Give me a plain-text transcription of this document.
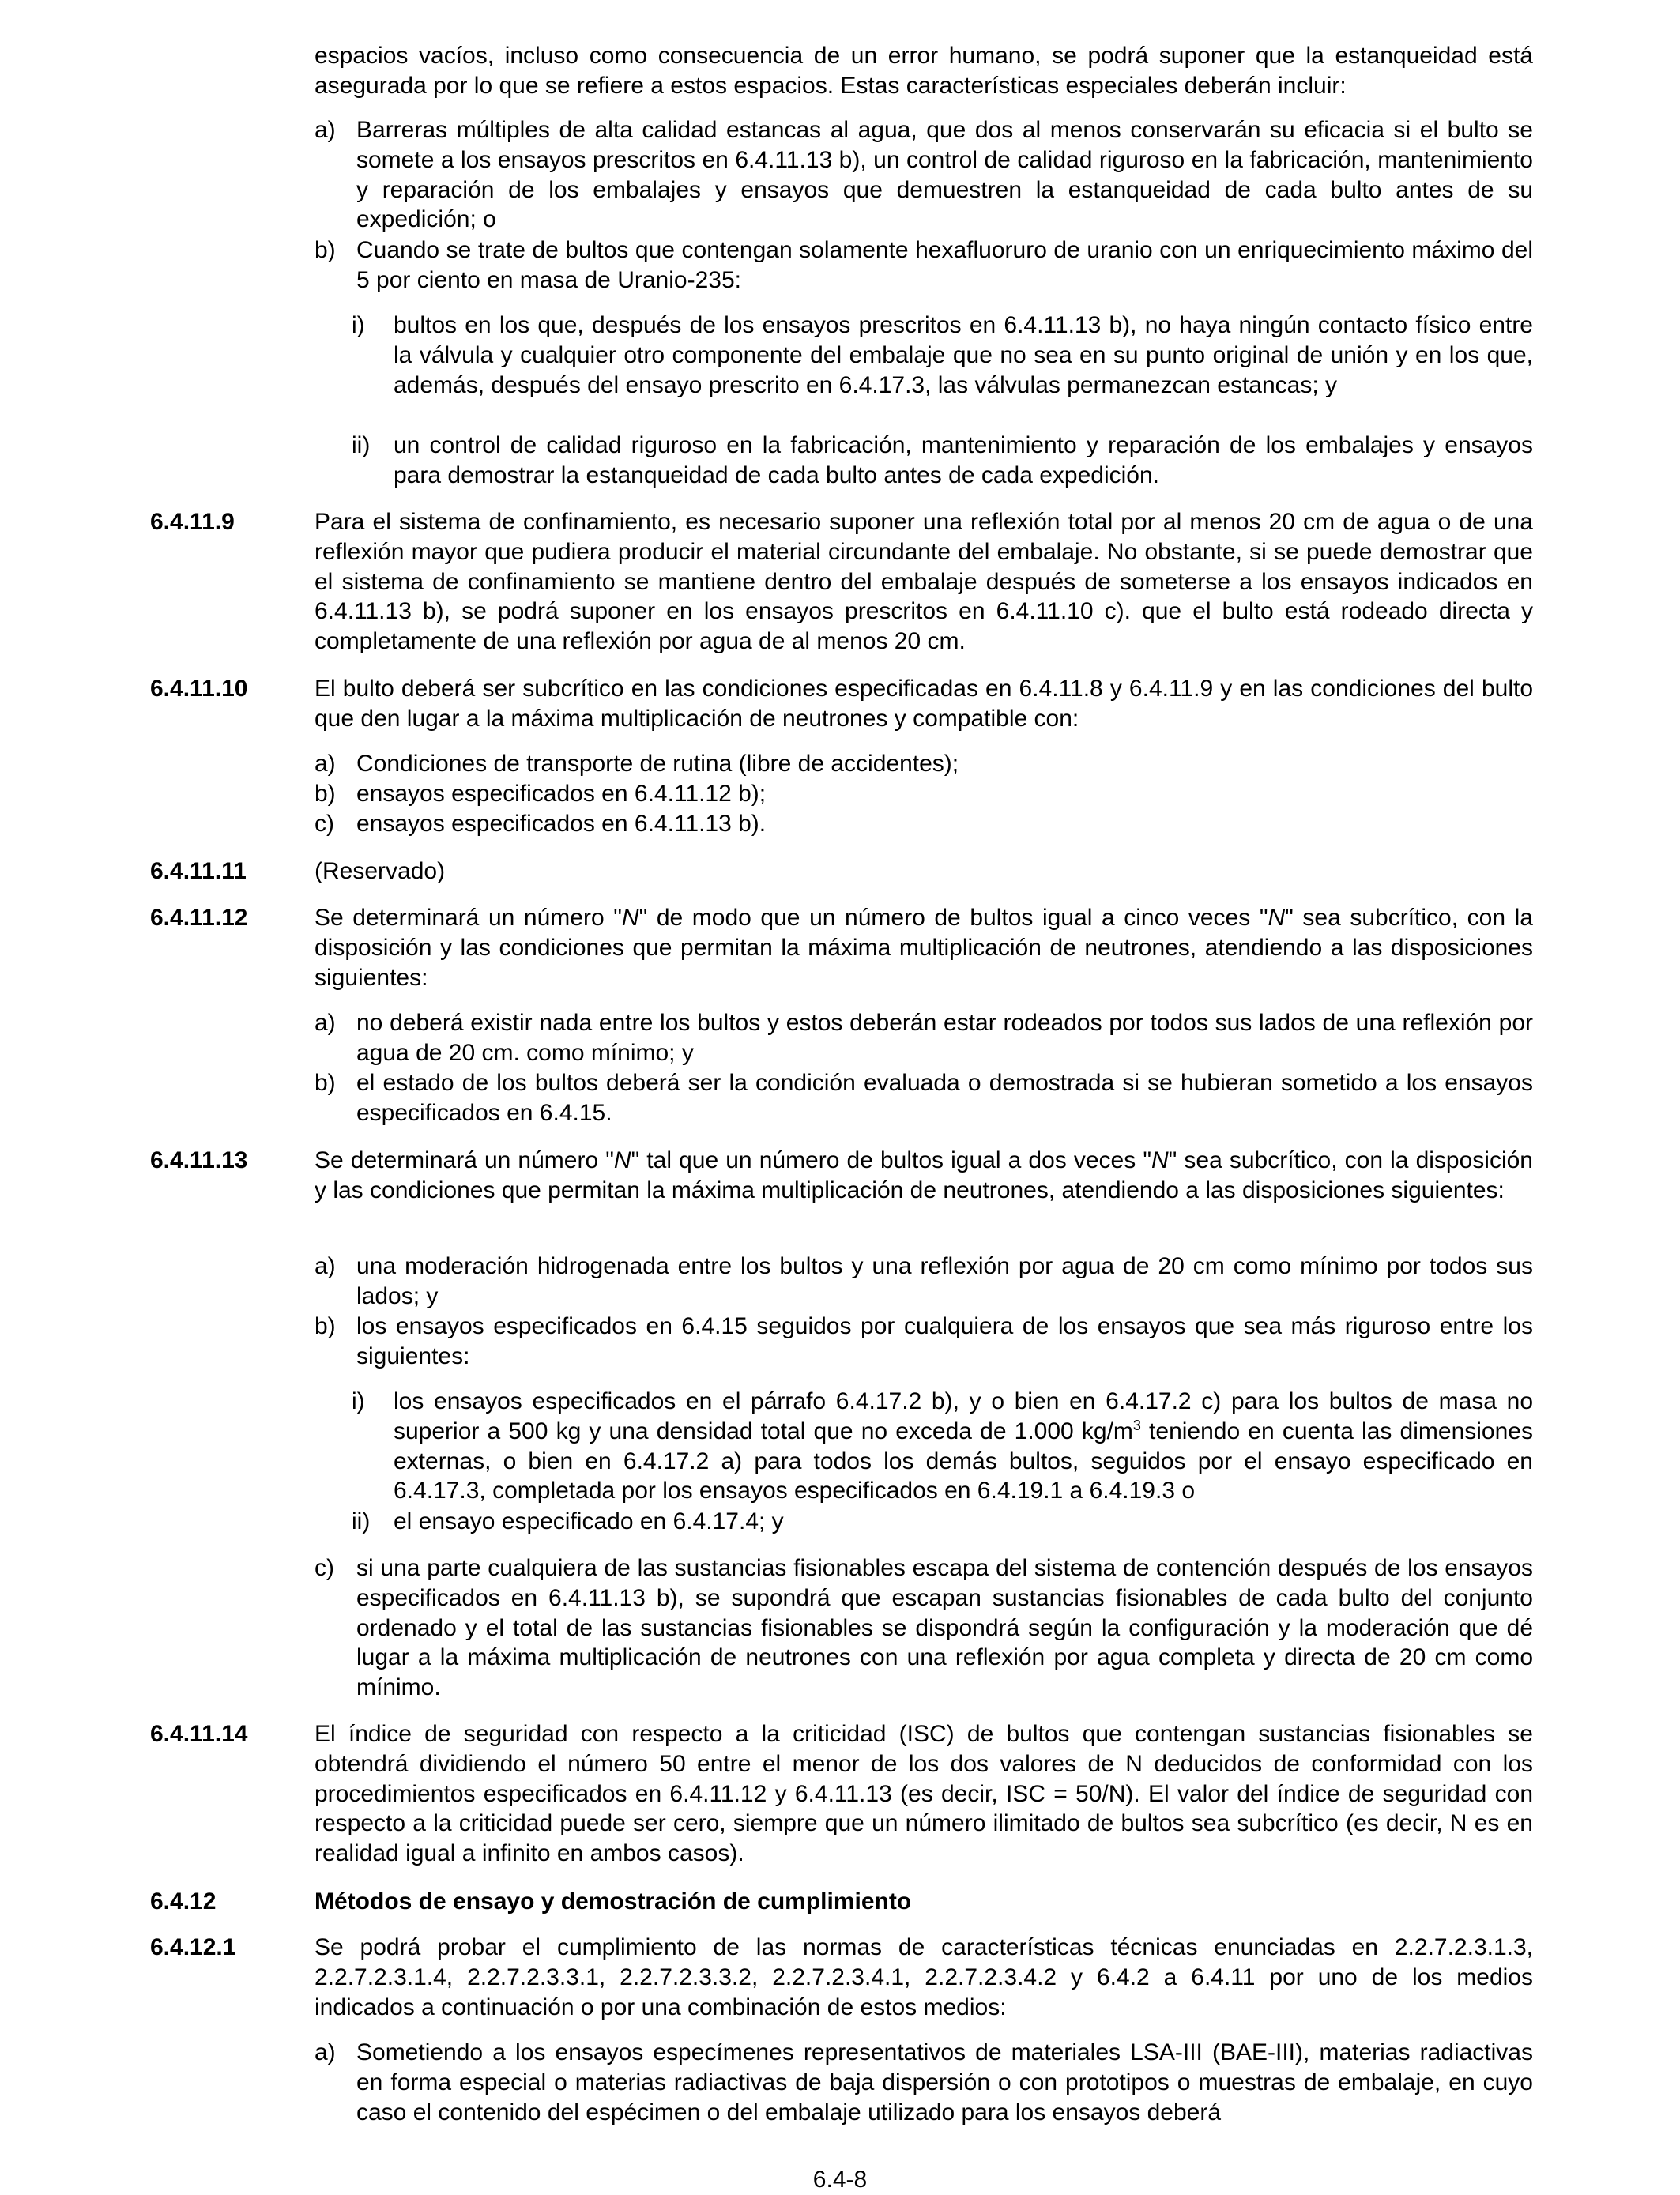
espacios vacíos, incluso como consecuencia de un error humano, se podrá suponer que la estanqueidad está asegurada por lo que se refiere a estos espacios. Estas características especiales deberán incluir:

a) Barreras múltiples de alta calidad estancas al agua, que dos al menos conservarán su eficacia si el bulto se somete a los ensayos prescritos en 6.4.11.13 b), un control de calidad riguroso en la fabricación, mantenimiento y reparación de los embalajes y ensayos que demuestren la estanqueidad de cada bulto antes de su expedición; o

b) Cuando se trate de bultos que contengan solamente hexafluoruro de uranio con un enriquecimiento máximo del 5 por ciento en masa de Uranio-235:

i) bultos en los que, después de los ensayos prescritos en 6.4.11.13 b), no haya ningún contacto físico entre la válvula y cualquier otro componente del embalaje que no sea en su punto original de unión y en los que, además, después del ensayo prescrito en 6.4.17.3, las válvulas permanezcan estancas; y

ii) un control de calidad riguroso en la fabricación, mantenimiento y reparación de los embalajes y ensayos para demostrar la estanqueidad de cada bulto antes de cada expedición.

6.4.11.9	Para el sistema de confinamiento, es necesario suponer una reflexión total por al menos 20 cm de agua o de una reflexión mayor que pudiera producir el material circundante del embalaje. No obstante, si se puede demostrar que el sistema de confinamiento se mantiene dentro del embalaje después de someterse a los ensayos indicados en 6.4.11.13 b), se podrá suponer en los ensayos prescritos en 6.4.11.10 c). que el bulto está rodeado directa y completamente de una reflexión por agua de al menos 20 cm.

6.4.11.10	El bulto deberá ser subcrítico en las condiciones especificadas en 6.4.11.8 y 6.4.11.9 y en las condiciones del bulto que den lugar a la máxima multiplicación de neutrones y compatible con:

a) Condiciones de transporte de rutina (libre de accidentes);

b) ensayos especificados en 6.4.11.12 b);

c) ensayos especificados en 6.4.11.13 b).

6.4.11.11	(Reservado)

6.4.11.12	Se determinará un número "N" de modo que un número de bultos igual a cinco veces "N" sea subcrítico, con la disposición y las condiciones que permitan la máxima multiplicación de neutrones, atendiendo a las disposiciones siguientes:

a) no deberá existir nada entre los bultos y estos deberán estar rodeados por todos sus lados de una reflexión por agua de 20 cm. como mínimo; y

b) el estado de los bultos deberá ser la condición evaluada o demostrada si se hubieran sometido a los ensayos especificados en 6.4.15.

6.4.11.13	Se determinará un número "N" tal que un número de bultos igual a dos veces "N" sea subcrítico, con la disposición y las condiciones que permitan la máxima multiplicación de neutrones, atendiendo a las disposiciones siguientes:

a) una moderación hidrogenada entre los bultos y una reflexión por agua de 20 cm como mínimo por todos sus lados; y

b) los ensayos especificados en 6.4.15 seguidos por cualquiera de los ensayos que sea más riguroso entre los siguientes:

i) los ensayos especificados en el párrafo 6.4.17.2 b), y o bien en 6.4.17.2 c) para los bultos de masa no superior a 500 kg y una densidad total que no exceda de 1.000 $kg/m^3$ teniendo en cuenta las dimensiones externas, o bien en 6.4.17.2 a) para todos los demás bultos, seguidos por el ensayo especificado en 6.4.17.3, completada por los ensayos especificados en 6.4.19.1 a 6.4.19.3 o

ii) el ensayo especificado en 6.4.17.4; y

c) si una parte cualquiera de las sustancias fisionables escapa del sistema de contención después de los ensayos especificados en 6.4.11.13 b), se supondrá que escapan sustancias fisionables de cada bulto del conjunto ordenado y el total de las sustancias fisionables se dispondrá según la configuración y la moderación que dé lugar a la máxima multiplicación de neutrones con una reflexión por agua completa y directa de 20 cm como mínimo.

6.4.11.14	El índice de seguridad con respecto a la criticidad (ISC) de bultos que contengan sustancias fisionables se obtendrá dividiendo el número 50 entre el menor de los dos valores de N deducidos de conformidad con los procedimientos especificados en 6.4.11.12 y 6.4.11.13 (es decir, ISC = 50/N). El valor del índice de seguridad con respecto a la criticidad puede ser cero, siempre que un número ilimitado de bultos sea subcrítico (es decir, N es en realidad igual a infinito en ambos casos).

6.4.12	Métodos de ensayo y demostración de cumplimiento
6.4.12.1	Se podrá probar el cumplimiento de las normas de características técnicas enunciadas en 2.2.7.2.3.1.3, 2.2.7.2.3.1.4, 2.2.7.2.3.3.1, 2.2.7.2.3.3.2, 2.2.7.2.3.4.1, 2.2.7.2.3.4.2 y 6.4.2 a 6.4.11 por uno de los medios indicados a continuación o por una combinación de estos medios:

a) Sometiendo a los ensayos especímenes representativos de materiales LSA-III (BAE-III), materias radiactivas en forma especial o materias radiactivas de baja dispersión o con prototipos o muestras de embalaje, en cuyo caso el contenido del espécimen o del embalaje utilizado para los ensayos deberá

6.4-8
